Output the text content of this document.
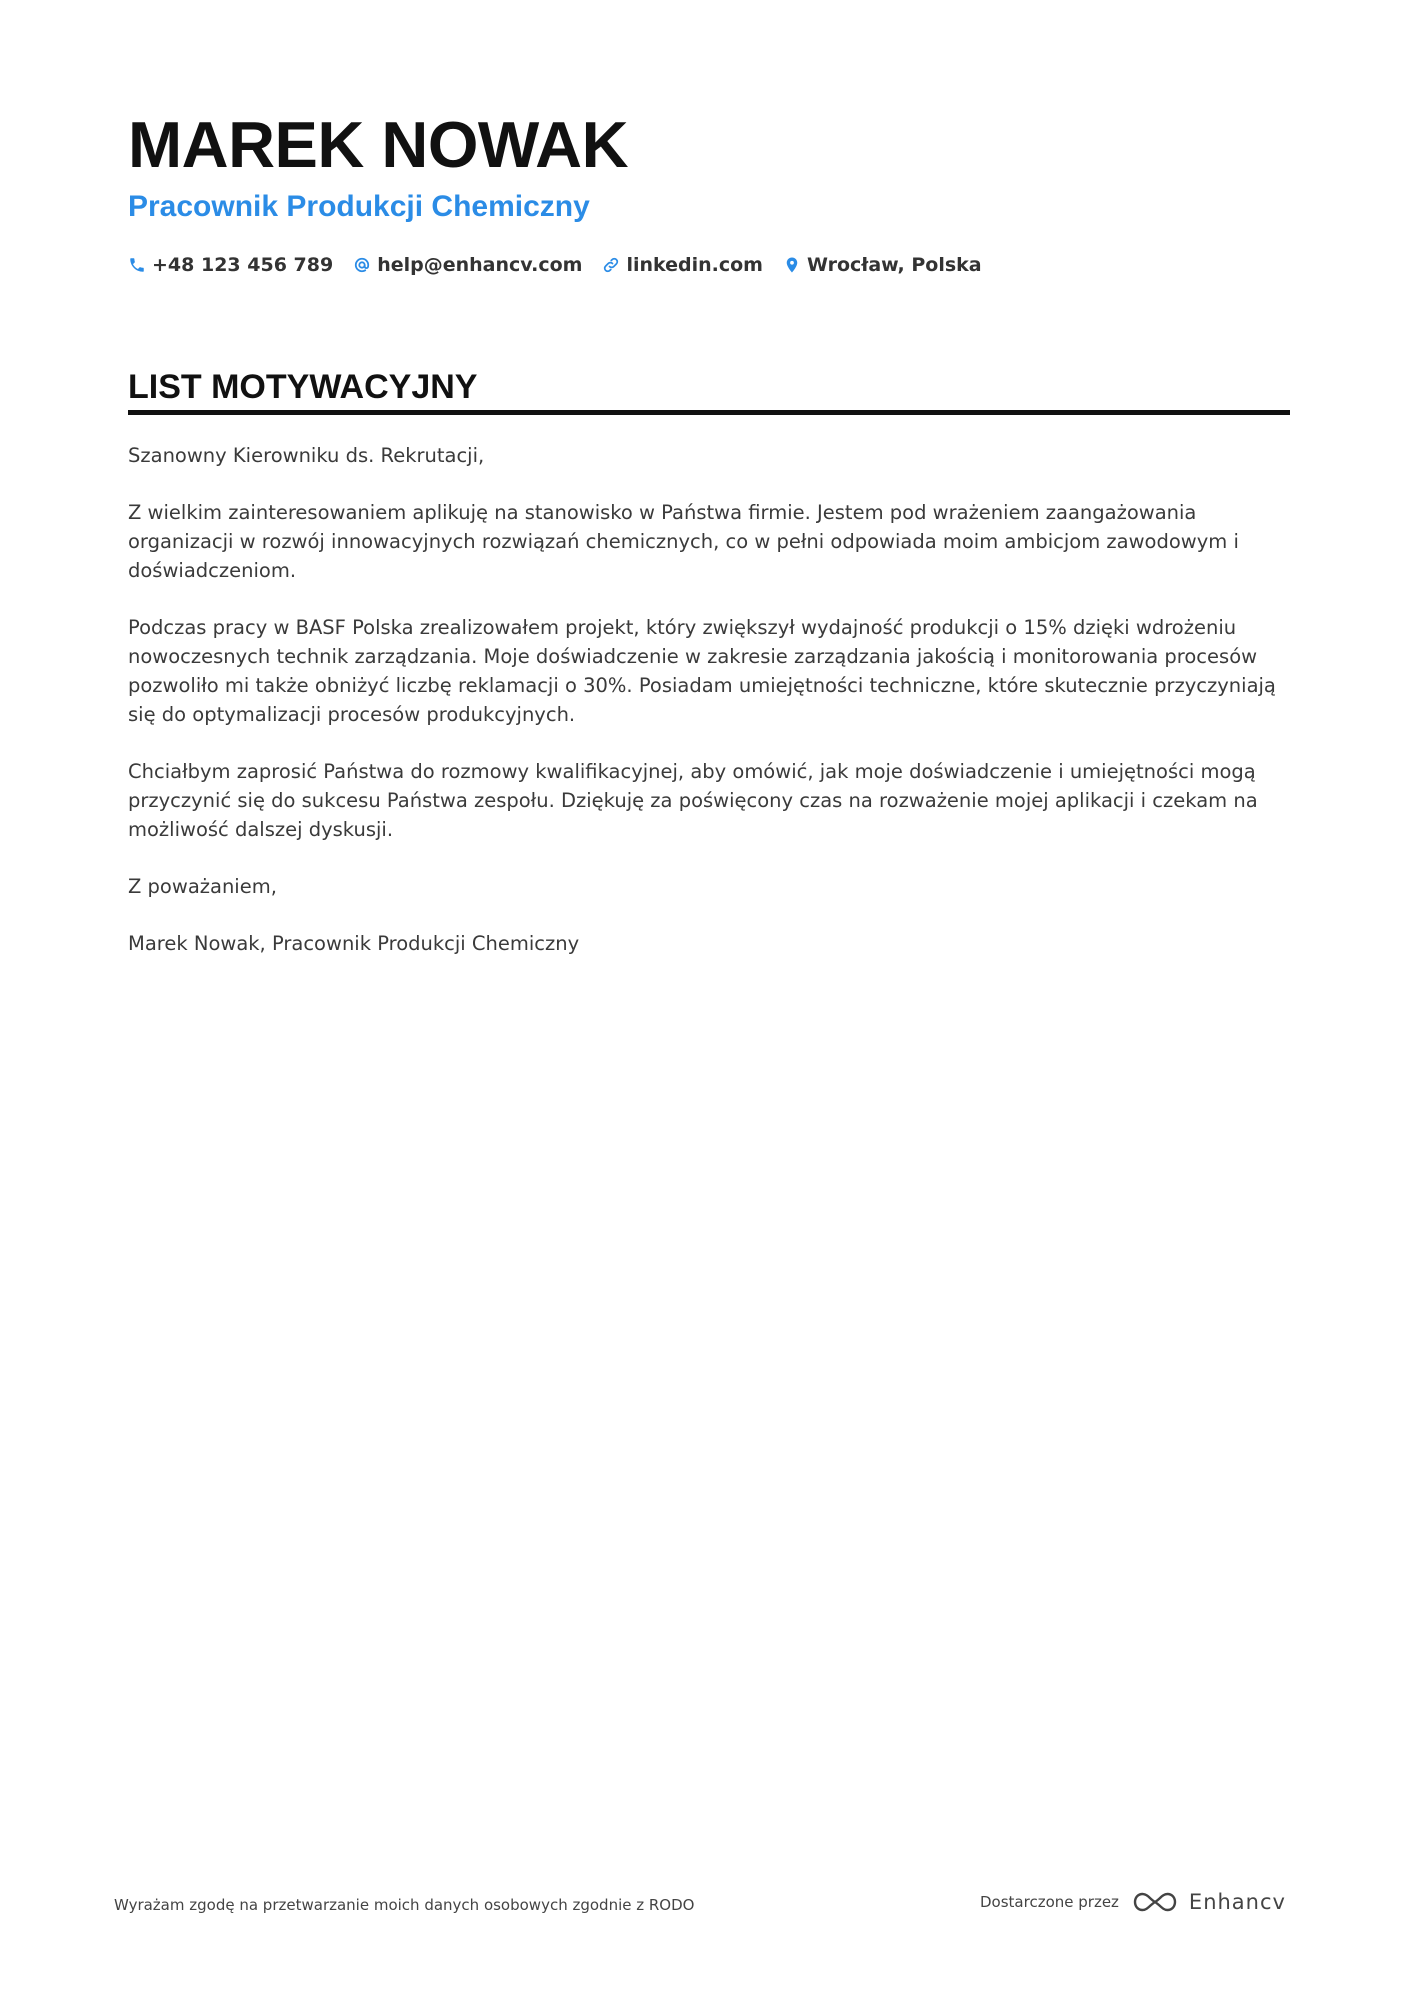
MAREK NOWAK
Pracownik Produkcji Chemiczny
+48 123 456 789 help@enhancv.com linkedin.com Wrocław, Polska
LIST MOTYWACYJNY

Szanowny Kierowniku ds. Rekrutacji,

Z wielkim zainteresowaniem aplikuję na stanowisko w Państwa firmie. Jestem pod wrażeniem zaangażowania organizacji w rozwój innowacyjnych rozwiązań chemicznych, co w pełni odpowiada moim ambicjom zawodowym i doświadczeniom.

Podczas pracy w BASF Polska zrealizowałem projekt, który zwiększył wydajność produkcji o 15% dzięki wdrożeniu nowoczesnych technik zarządzania. Moje doświadczenie w zakresie zarządzania jakością i monitorowania procesów pozwoliło mi także obniżyć liczbę reklamacji o 30%. Posiadam umiejętności techniczne, które skutecznie przyczyniają się do optymalizacji procesów produkcyjnych.

Chciałbym zaprosić Państwa do rozmowy kwalifikacyjnej, aby omówić, jak moje doświadczenie i umiejętności mogą przyczynić się do sukcesu Państwa zespołu. Dziękuję za poświęcony czas na rozważenie mojej aplikacji i czekam na możliwość dalszej dyskusji.

Z poważaniem,

Marek Nowak, Pracownik Produkcji Chemiczny

Wyrażam zgodę na przetwarzanie moich danych osobowych zgodnie z RODO	Dostarczone przez	Enhancv
